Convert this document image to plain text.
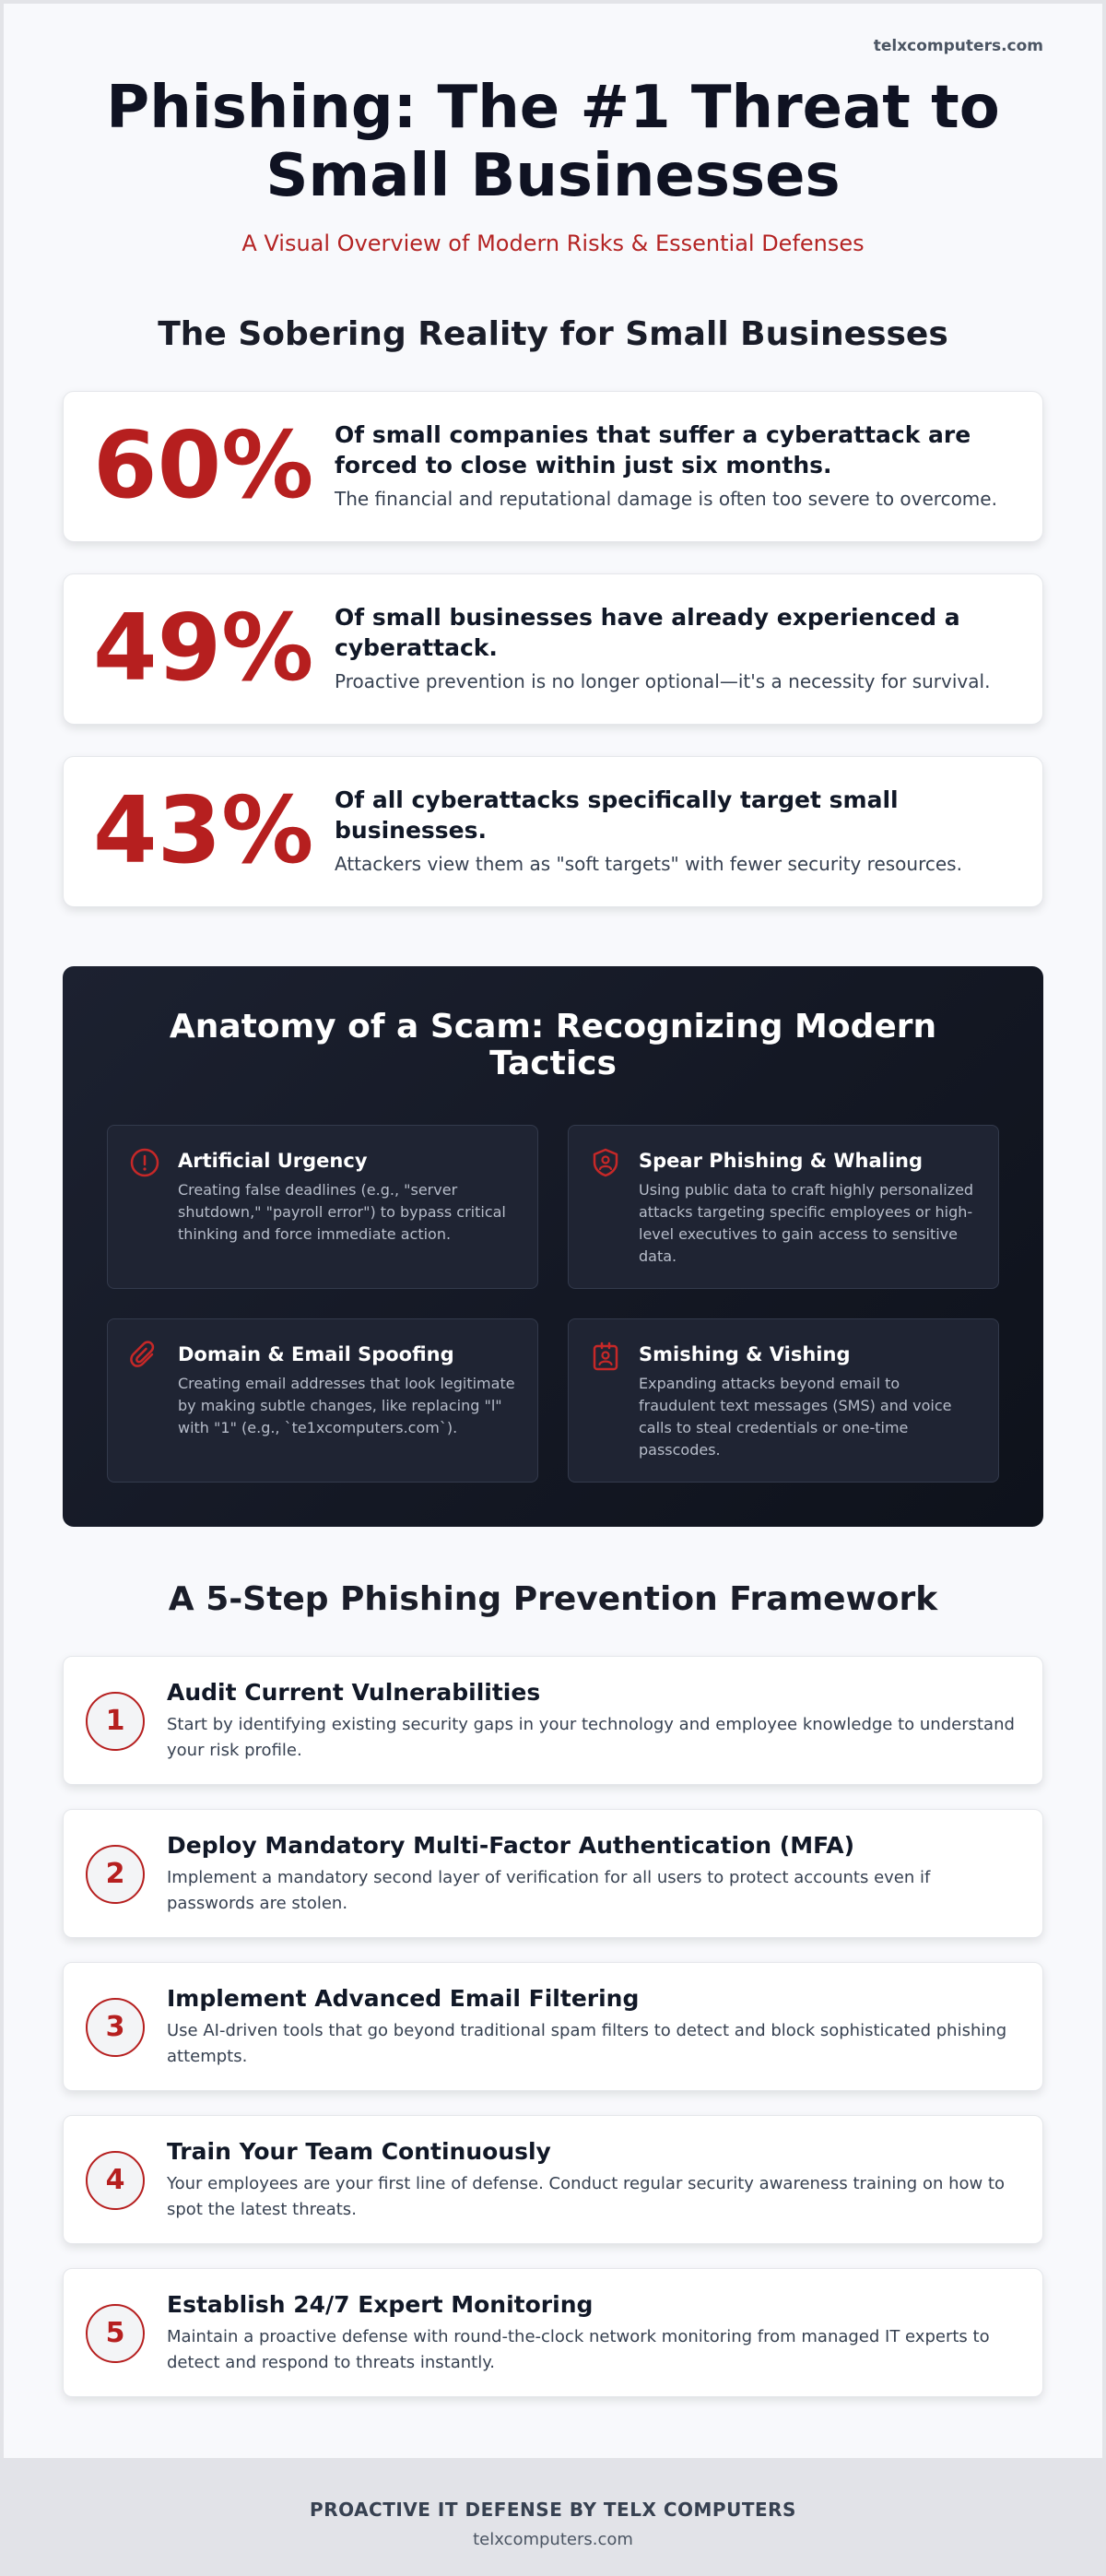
telxcomputers.com
Phishing: The #1 Threat to
Small Businesses
A Visual Overview of Modern Risks & Essential Defenses
The Sobering Reality for Small Businesses
60% Of small companies that suffer a cyberattack are forced to close within just six months.
The financial and reputational damage is often too severe to overcome.
49% Of small businesses have already experienced a cyberattack.
Proactive prevention is no longer optional—it's a necessity for survival.
43% Of all cyberattacks specifically target small businesses.
Attackers view them as "soft targets" with fewer security resources.
Anatomy of a Scam: Recognizing Modern Tactics
Artificial Urgency
Creating false deadlines (e.g., "server shutdown," "payroll error") to bypass critical thinking and force immediate action.
Spear Phishing & Whaling
Using public data to craft highly personalized attacks targeting specific employees or high-level executives to gain access to sensitive data.
Domain & Email Spoofing
Creating email addresses that look legitimate by making subtle changes, like replacing "l" with "1" (e.g., `te1xcomputers.com`).
Smishing & Vishing
Expanding attacks beyond email to fraudulent text messages (SMS) and voice calls to steal credentials or one-time passcodes.
A 5-Step Phishing Prevention Framework
1
Audit Current Vulnerabilities
Start by identifying existing security gaps in your technology and employee knowledge to understand your risk profile.
2
Deploy Mandatory Multi-Factor Authentication (MFA)
Implement a mandatory second layer of verification for all users to protect accounts even if passwords are stolen.
3
Implement Advanced Email Filtering
Use AI-driven tools that go beyond traditional spam filters to detect and block sophisticated phishing attempts.
4
Train Your Team Continuously
Your employees are your first line of defense. Conduct regular security awareness training on how to spot the latest threats.
5
Establish 24/7 Expert Monitoring
Maintain a proactive defense with round-the-clock network monitoring from managed IT experts to detect and respond to threats instantly.
PROACTIVE IT DEFENSE BY TELX COMPUTERS
telxcomputers.com
